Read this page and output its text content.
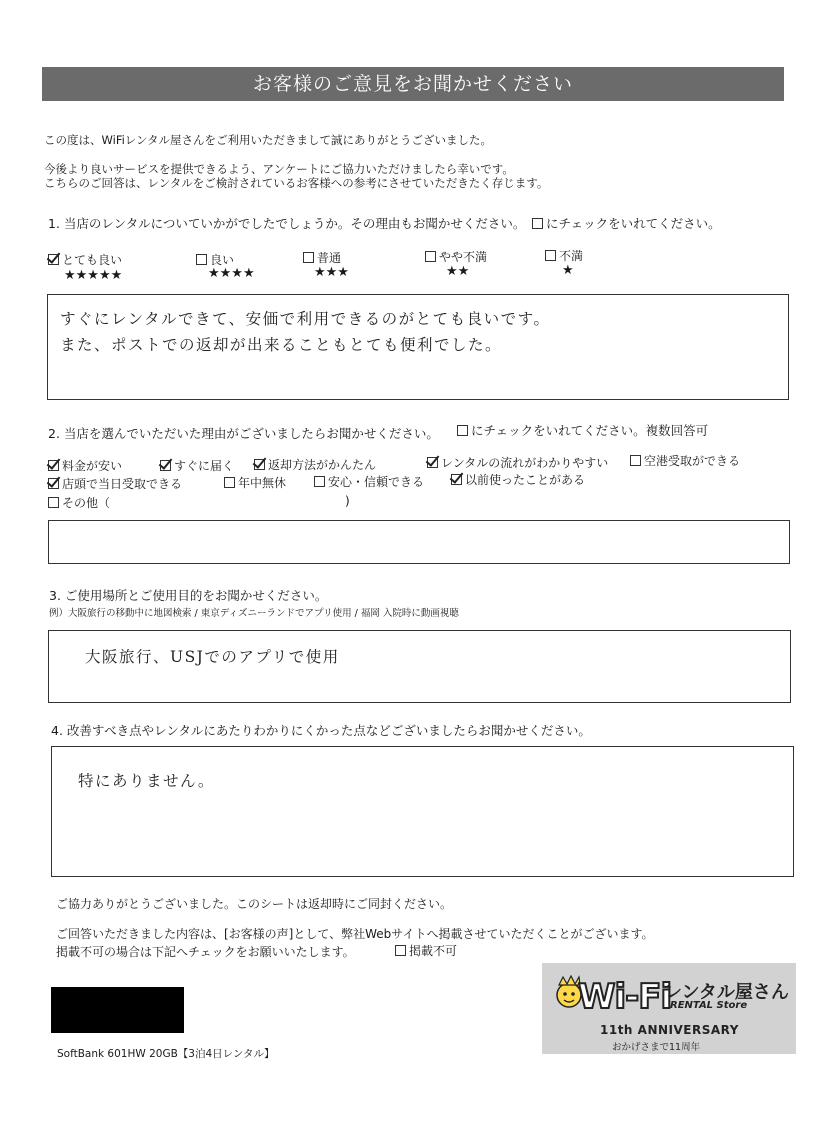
お客様のご意見をお聞かせください
この度は、WiFiレンタル屋さんをご利用いただきまして誠にありがとうございました。
今後より良いサービスを提供できるよう、アンケートにご協力いただけましたら幸いです。
こちらのご回答は、レンタルをご検討されているお客様への参考にさせていただきたく存じます。
1. 当店のレンタルについていかがでしたでしょうか。その理由もお聞かせください。	にチェックをいれてください。
とても良い
★★★★★
良い
★★★★
普通
★★★
やや不満
★★
不満
★
すぐにレンタルできて、安価で利用できるのがとても良いです。
また、ポストでの返却が出来ることもとても便利でした。
2. 当店を選んでいただいた理由がございましたらお聞かせください。	にチェックをいれてください。複数回答可
料金が安い	すぐに届く	返却方法がかんたん	レンタルの流れがわかりやすい	空港受取ができる
店頭で当日受取できる	年中無休	安心・信頼できる	以前使ったことがある
その他（	)
3. ご使用場所とご使用目的をお聞かせください。
例）大阪旅行の移動中に地図検索 / 東京ディズニーランドでアプリ使用 / 福岡 入院時に動画視聴
大阪旅行、USJでのアプリで使用
4. 改善すべき点やレンタルにあたりわかりにくかった点などございましたらお聞かせください。
特にありません。
ご協力ありがとうございました。このシートは返却時にご同封ください。
ご回答いただきました内容は、[お客様の声]として、弊社Webサイトへ掲載させていただくことがございます。
掲載不可の場合は下記へチェックをお願いいたします。	掲載不可
SoftBank 601HW 20GB【3泊4日レンタル】
Wi-Fi
レンタル屋さん
RENTAL Store
11th ANNIVERSARY
おかげさまで11周年
